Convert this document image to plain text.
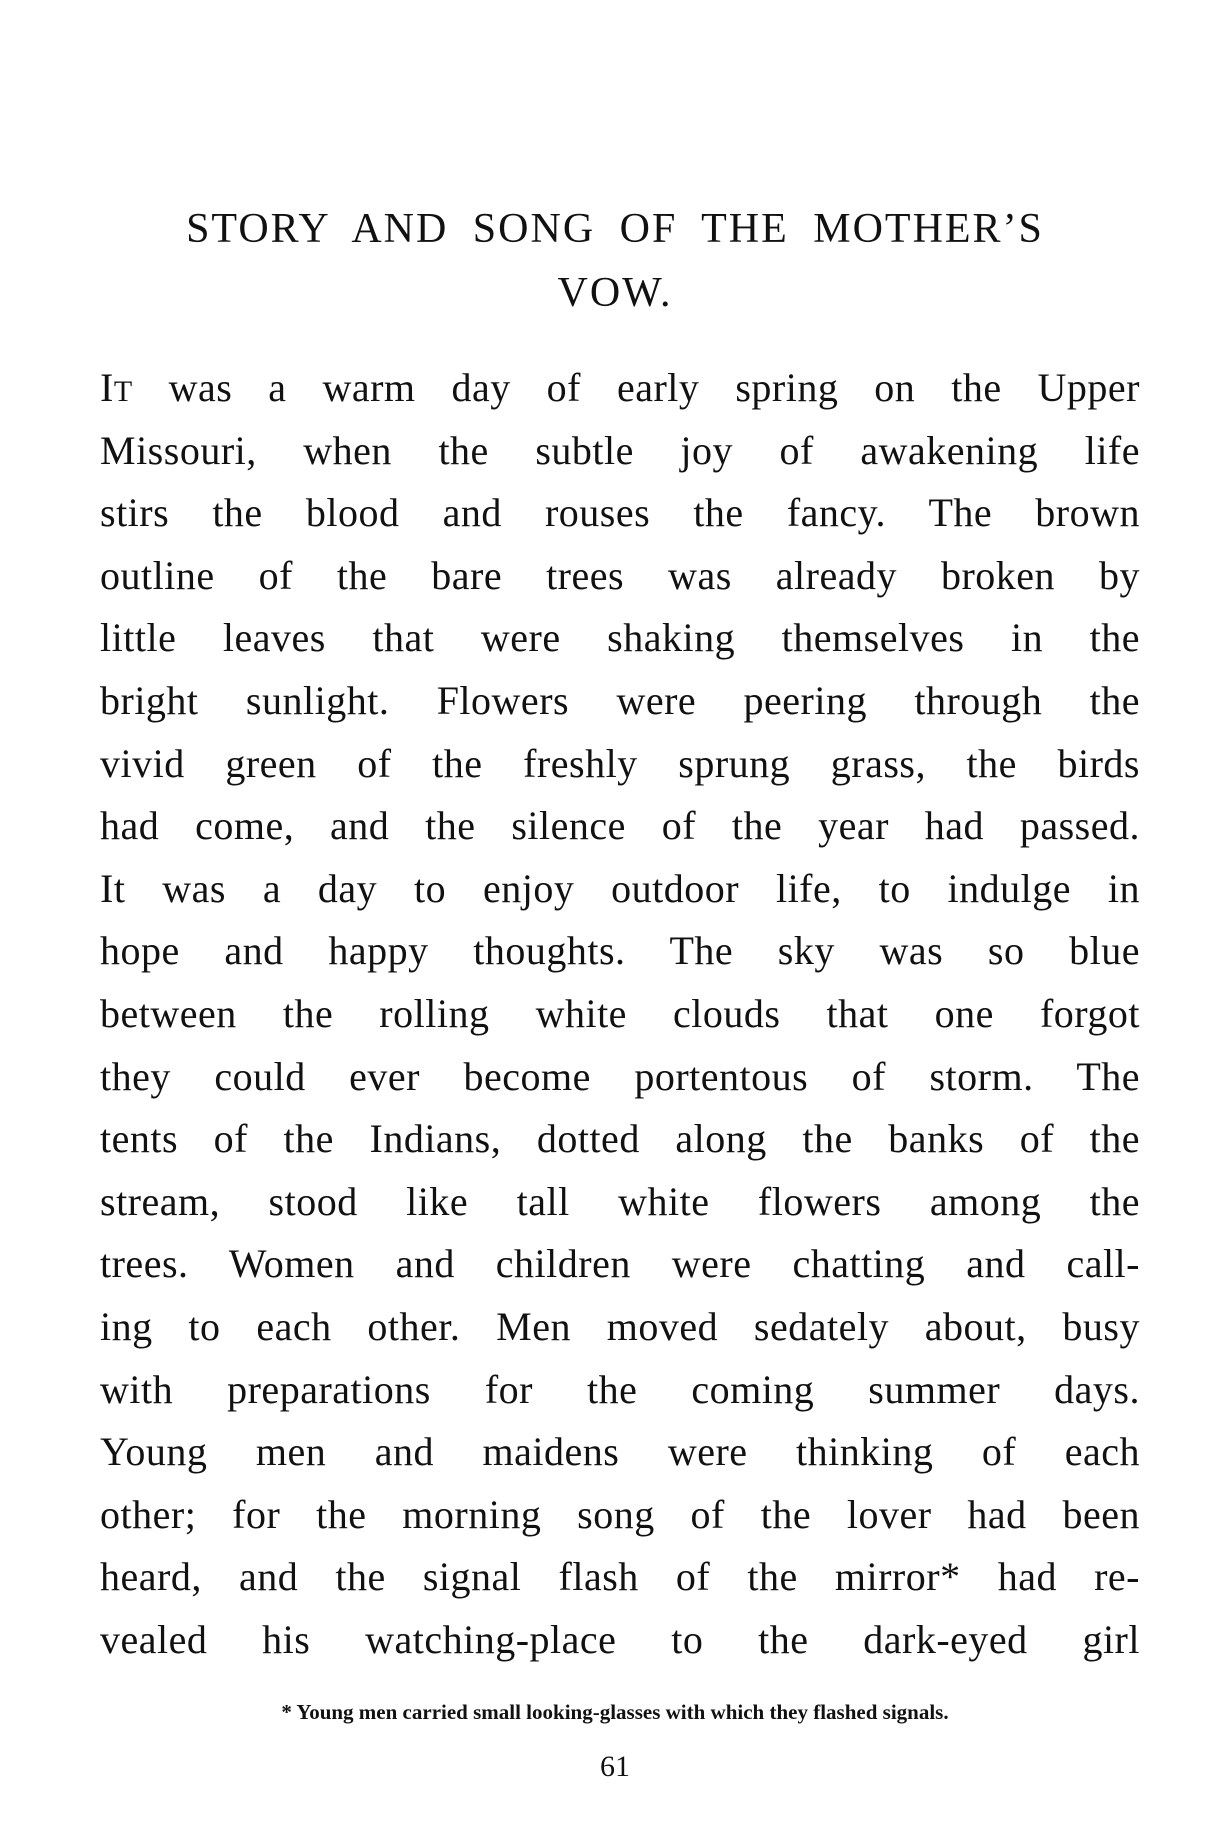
STORY AND SONG OF THE MOTHER’S
VOW.
IT was a warm day of early spring on the Upper
Missouri, when the subtle joy of awakening life
stirs the blood and rouses the fancy. The brown
outline of the bare trees was already broken by
little leaves that were shaking themselves in the
bright sunlight. Flowers were peering through the
vivid green of the freshly sprung grass, the birds
had come, and the silence of the year had passed.
It was a day to enjoy outdoor life, to indulge in
hope and happy thoughts. The sky was so blue
between the rolling white clouds that one forgot
they could ever become portentous of storm. The
tents of the Indians, dotted along the banks of the
stream, stood like tall white flowers among the
trees. Women and children were chatting and call-
ing to each other. Men moved sedately about, busy
with preparations for the coming summer days.
Young men and maidens were thinking of each
other; for the morning song of the lover had been
heard, and the signal flash of the mirror* had re-
vealed his watching-place to the dark-eyed girl
* Young men carried small looking-glasses with which they flashed signals.
61
